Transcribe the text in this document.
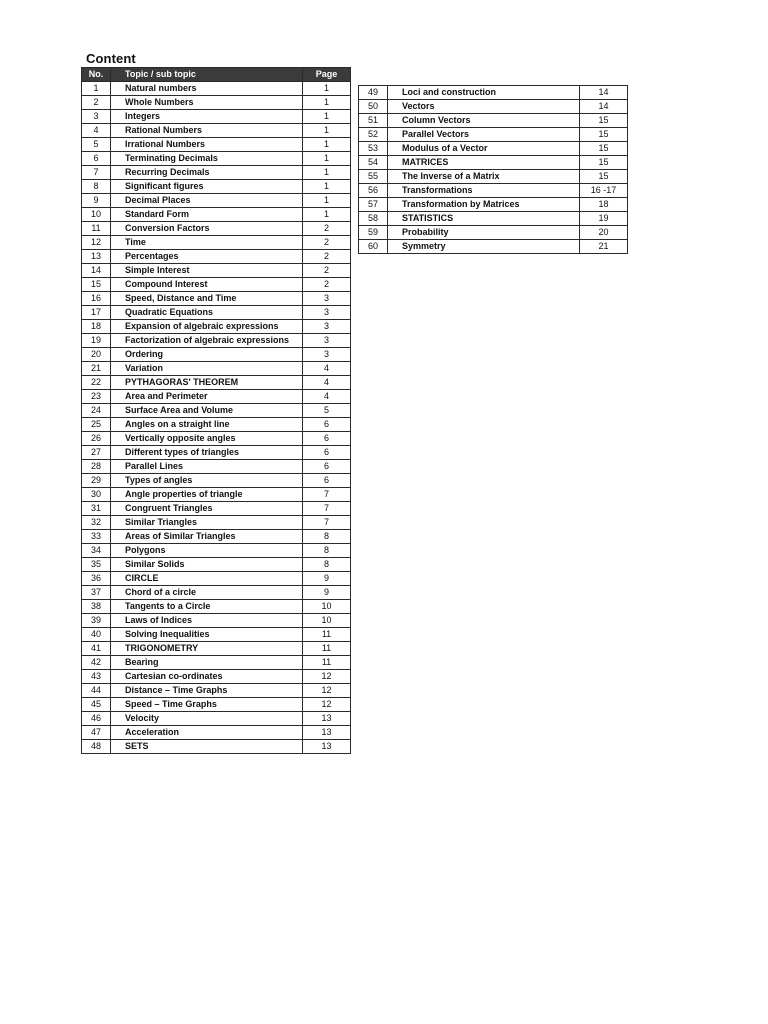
Content
No.	Topic / sub topic	Page
1	Natural numbers	1
2	Whole Numbers	1
3	Integers	1
4	Rational Numbers	1
5	Irrational Numbers	1
6	Terminating Decimals	1
7	Recurring Decimals	1
8	Significant figures	1
9	Decimal Places	1
10	Standard Form	1
11	Conversion Factors	2
12	Time	2
13	Percentages	2
14	Simple Interest	2
15	Compound Interest	2
16	Speed, Distance and Time	3
17	Quadratic Equations	3
18	Expansion of algebraic expressions	3
19	Factorization of algebraic expressions	3
20	Ordering	3
21	Variation	4
22	PYTHAGORAS' THEOREM	4
23	Area and Perimeter	4
24	Surface Area and Volume	5
25	Angles on a straight line	6
26	Vertically opposite angles	6
27	Different types of triangles	6
28	Parallel Lines	6
29	Types of angles	6
30	Angle properties of triangle	7
31	Congruent Triangles	7
32	Similar Triangles	7
33	Areas of Similar Triangles	8
34	Polygons	8
35	Similar Solids	8
36	CIRCLE	9
37	Chord of a circle	9
38	Tangents to a Circle	10
39	Laws of Indices	10
40	Solving Inequalities	11
41	TRIGONOMETRY	11
42	Bearing	11
43	Cartesian co-ordinates	12
44	Distance – Time Graphs	12
45	Speed – Time Graphs	12
46	Velocity	13
47	Acceleration	13
48	SETS	13
49	Loci and construction	14
50	Vectors	14
51	Column Vectors	15
52	Parallel Vectors	15
53	Modulus of a Vector	15
54	MATRICES	15
55	The Inverse of a Matrix	15
56	Transformations	16 -17
57	Transformation by Matrices	18
58	STATISTICS	19
59	Probability	20
60	Symmetry	21
